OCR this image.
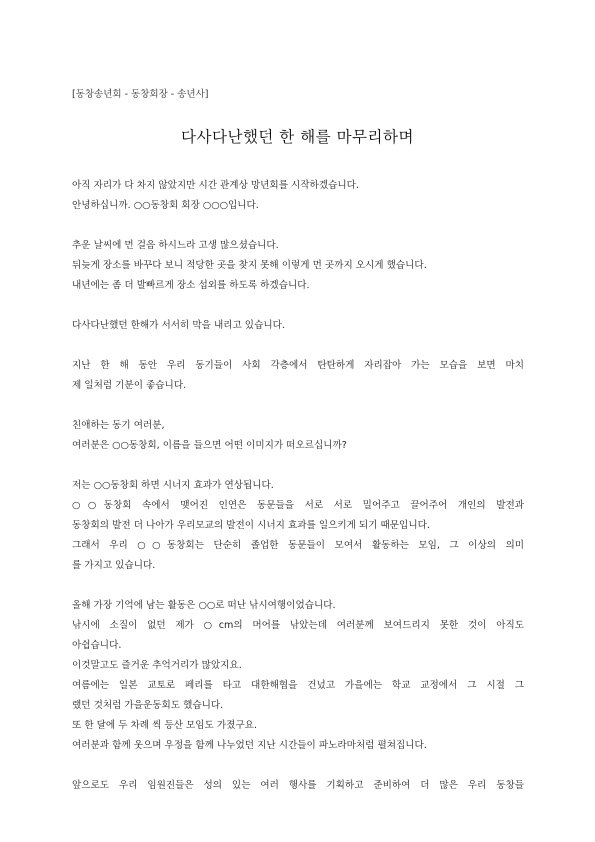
[동창송년회 - 동창회장 - 송년사]
다사다난했던 한 해를 마무리하며
아직 자리가 다 차지 않았지만 시간 관계상 망년회를 시작하겠습니다.
안녕하십니까. ○○동창회 회장 ○○○입니다.
추운 날씨에 먼 걸음 하시느라 고생 많으셨습니다.
뒤늦게 장소를 바꾸다 보니 적당한 곳을 찾지 못해 이렇게 먼 곳까지 오시게 했습니다.
내년에는 좀 더 발빠르게 장소 섭외를 하도록 하겠습니다.
다사다난했던 한해가 서서히 막을 내리고 있습니다.
지난 한 해 동안 우리 동기들이 사회 각층에서 탄탄하게 자리잡아 가는 모습을 보면 마치
제 일처럼 기분이 좋습니다.
친애하는 동기 여러분,
여러분은 ○○동창회, 이름을 들으면 어떤 이미지가 떠오르십니까?
저는 ○○동창회 하면 시너지 효과가 연상됩니다.
○○동창회 속에서 맺어진 인연은 동문들을 서로 서로 밀어주고 끌어주어 개인의 발전과
동창회의 발전 더 나아가 우리모교의 발전이 시너지 효과를 일으키게 되기 때문입니다.
그래서 우리 ○○동창회는 단순히 졸업한 동문들이 모여서 활동하는 모임, 그 이상의 의미
를 가지고 있습니다.
올해 가장 기억에 남는 활동은 ○○로 떠난 낚시여행이었습니다.
낚시에 소질이 없던 제가 ○cm의 머어를 낚았는데 여러분께 보여드리지 못한 것이 아직도
아쉽습니다.
이것말고도 즐거운 추억거리가 많았지요.
여름에는 일본 교토로 페리를 타고 대한해협을 건넜고 가을에는 학교 교정에서 그 시절 그
랬던 것처럼 가을운동회도 했습니다.
또 한 달에 두 차례 씩 등산 모임도 가졌구요.
여러분과 함께 웃으며 우정을 함께 나누었던 지난 시간들이 파노라마처럼 펼쳐집니다.
앞으로도 우리 임원진들은 성의 있는 여러 행사를 기획하고 준비하여 더 많은 우리 동창들
